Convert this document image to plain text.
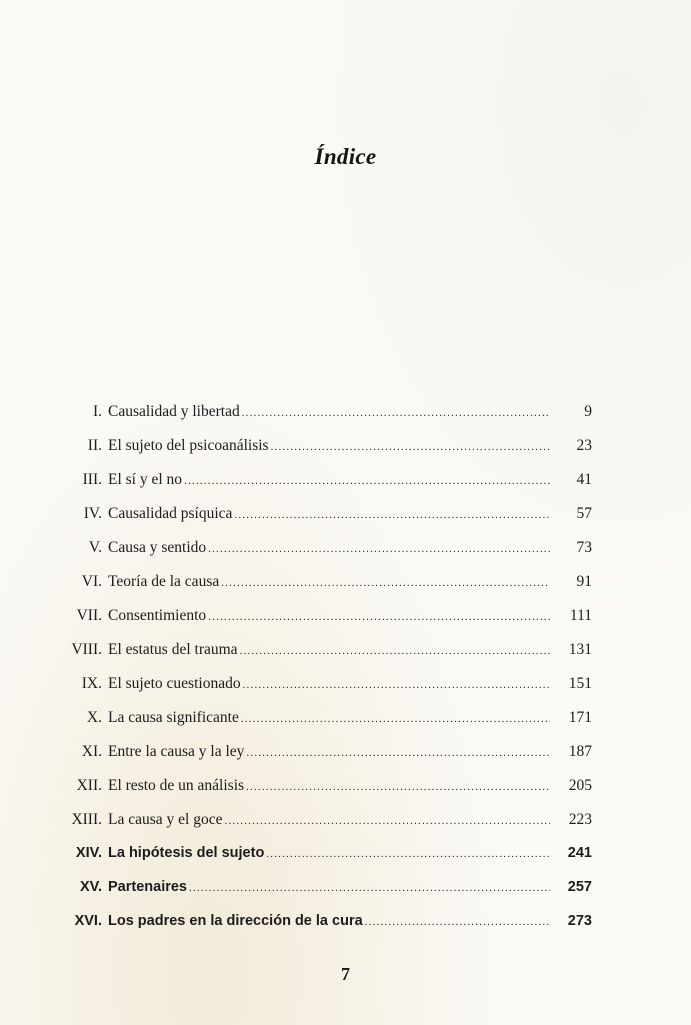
Índice
I. Causalidad y libertad .....	9
II. El sujeto del psicoanálisis .....	23
III. El sí y el no .....	41
IV. Causalidad psíquica .....	57
V. Causa y sentido .....	73
VI. Teoría de la causa .....	91
VII. Consentimiento .....	111
VIII. El estatus del trauma .....	131
IX. El sujeto cuestionado .....	151
X. La causa significante .....	171
XI. Entre la causa y la ley .....	187
XII. El resto de un análisis .....	205
XIII. La causa y el goce .....	223
XIV. La hipótesis del sujeto .....	241
XV. Partenaires .....	257
XVI. Los padres en la dirección de la cura .....	273
7
